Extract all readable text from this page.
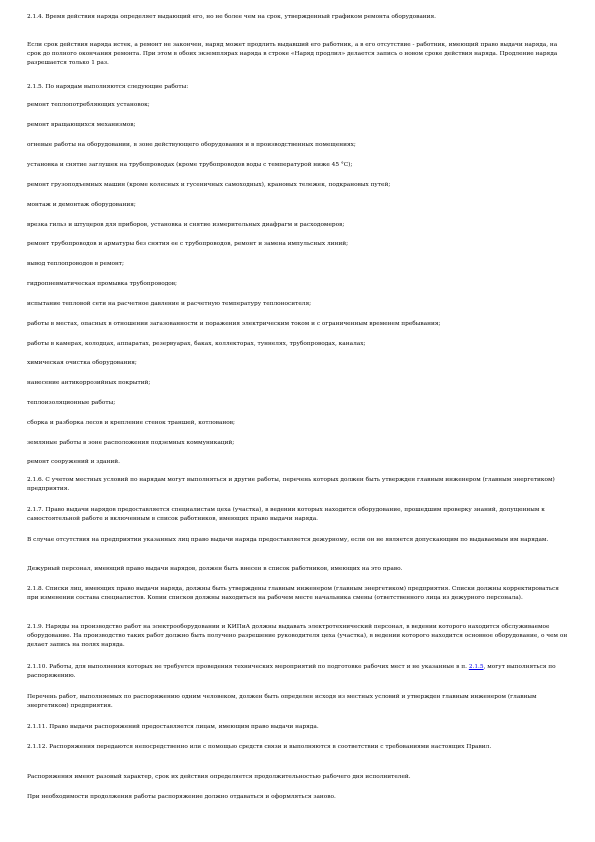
2.1.4. Время действия наряда определяет выдающий его, но не более чем на срок, утвержденный графиком ремонта оборудования.

Если срок действия наряда истек, а ремонт не закончен, наряд может продлить выдавший его работник, а в его отсутствие - работник, имеющий право выдачи наряда, на срок до полного окончания ремонта. При этом в обоих экземплярах наряда в строке «Наряд продлил» делается запись о новом сроке действия наряда. Продление наряда разрешается только 1 раз.

2.1.5. По нарядам выполняются следующие работы:

ремонт теплопотребляющих установок;

ремонт вращающихся механизмов;

огневые работы на оборудовании, в зоне действующего оборудования и в производственных помещениях;

установка и снятие заглушек на трубопроводах (кроме трубопроводов воды с температурой ниже 45 °С);

ремонт грузоподъемных машин (кроме колесных и гусеничных самоходных), крановых тележек, подкрановых путей;

монтаж и демонтаж оборудования;

врезка гильз и штуцеров для приборов, установка и снятие измерительных диафрагм и расходомеров;

ремонт трубопроводов и арматуры без снятия ее с трубопроводов, ремонт и замена импульсных линий;

вывод теплопроводов в ремонт;

гидропневматическая промывка трубопроводов;

испытание тепловой сети на расчетное давление и расчетную температуру теплоносителя;

работы в местах, опасных в отношении загазованности и поражения электрическим током и с ограниченным временем пребывания;

работы в камерах, колодцах, аппаратах, резервуарах, баках, коллекторах, туннелях, трубопроводах, каналах;

химическая очистка оборудования;

нанесение антикоррозийных покрытий;

теплоизоляционные работы;

сборка и разборка лесов и крепление стенок траншей, котлованов;

земляные работы в зоне расположения подземных коммуникаций;

ремонт сооружений и зданий.

2.1.6. С учетом местных условий по нарядам могут выполняться и другие работы, перечень которых должен быть утвержден главным инженером (главным энергетиком) предприятия.

2.1.7. Право выдачи нарядов предоставляется специалистам цеха (участка), в ведении которых находится оборудование, прошедшим проверку знаний, допущенным к самостоятельной работе и включенным в список работников, имеющих право выдачи наряда.

В случае отсутствия на предприятии указанных лиц право выдачи наряда предоставляется дежурному, если он не является допускающим по выдаваемым им нарядам.

Дежурный персонал, имеющий право выдачи нарядов, должен быть внесен в список работников, имеющих на это право.

2.1.8. Списки лиц, имеющих право выдачи наряда, должны быть утверждены главным инженером (главным энергетиком) предприятия. Списки должны корректироваться при изменении состава специалистов. Копии списков должны находиться на рабочем месте начальника смены (ответственного лица из дежурного персонала).

2.1.9. Наряды на производство работ на электрооборудовании и КИПиА должны выдавать электротехнический персонал, в ведении которого находится обслуживаемое оборудование. На производство таких работ должно быть получено разрешение руководителя цеха (участка), в ведении которого находится основное оборудование, о чем он делает запись на полях наряда.

2.1.10. Работы, для выполнения которых не требуется проведения технических мероприятий по подготовке рабочих мест и не указанные в п. 2.1.5, могут выполняться по распоряжению.

Перечень работ, выполняемых по распоряжению одним человеком, должен быть определен исходя из местных условий и утвержден главным инженером (главным энергетиком) предприятия.

2.1.11. Право выдачи распоряжений предоставляется лицам, имеющим право выдачи наряда.

2.1.12. Распоряжения передаются непосредственно или с помощью средств связи и выполняются в соответствии с требованиями настоящих Правил.

Распоряжения имеют разовый характер, срок их действия определяется продолжительностью рабочего дня исполнителей.

При необходимости продолжения работы распоряжение должно отдаваться и оформляться заново.
